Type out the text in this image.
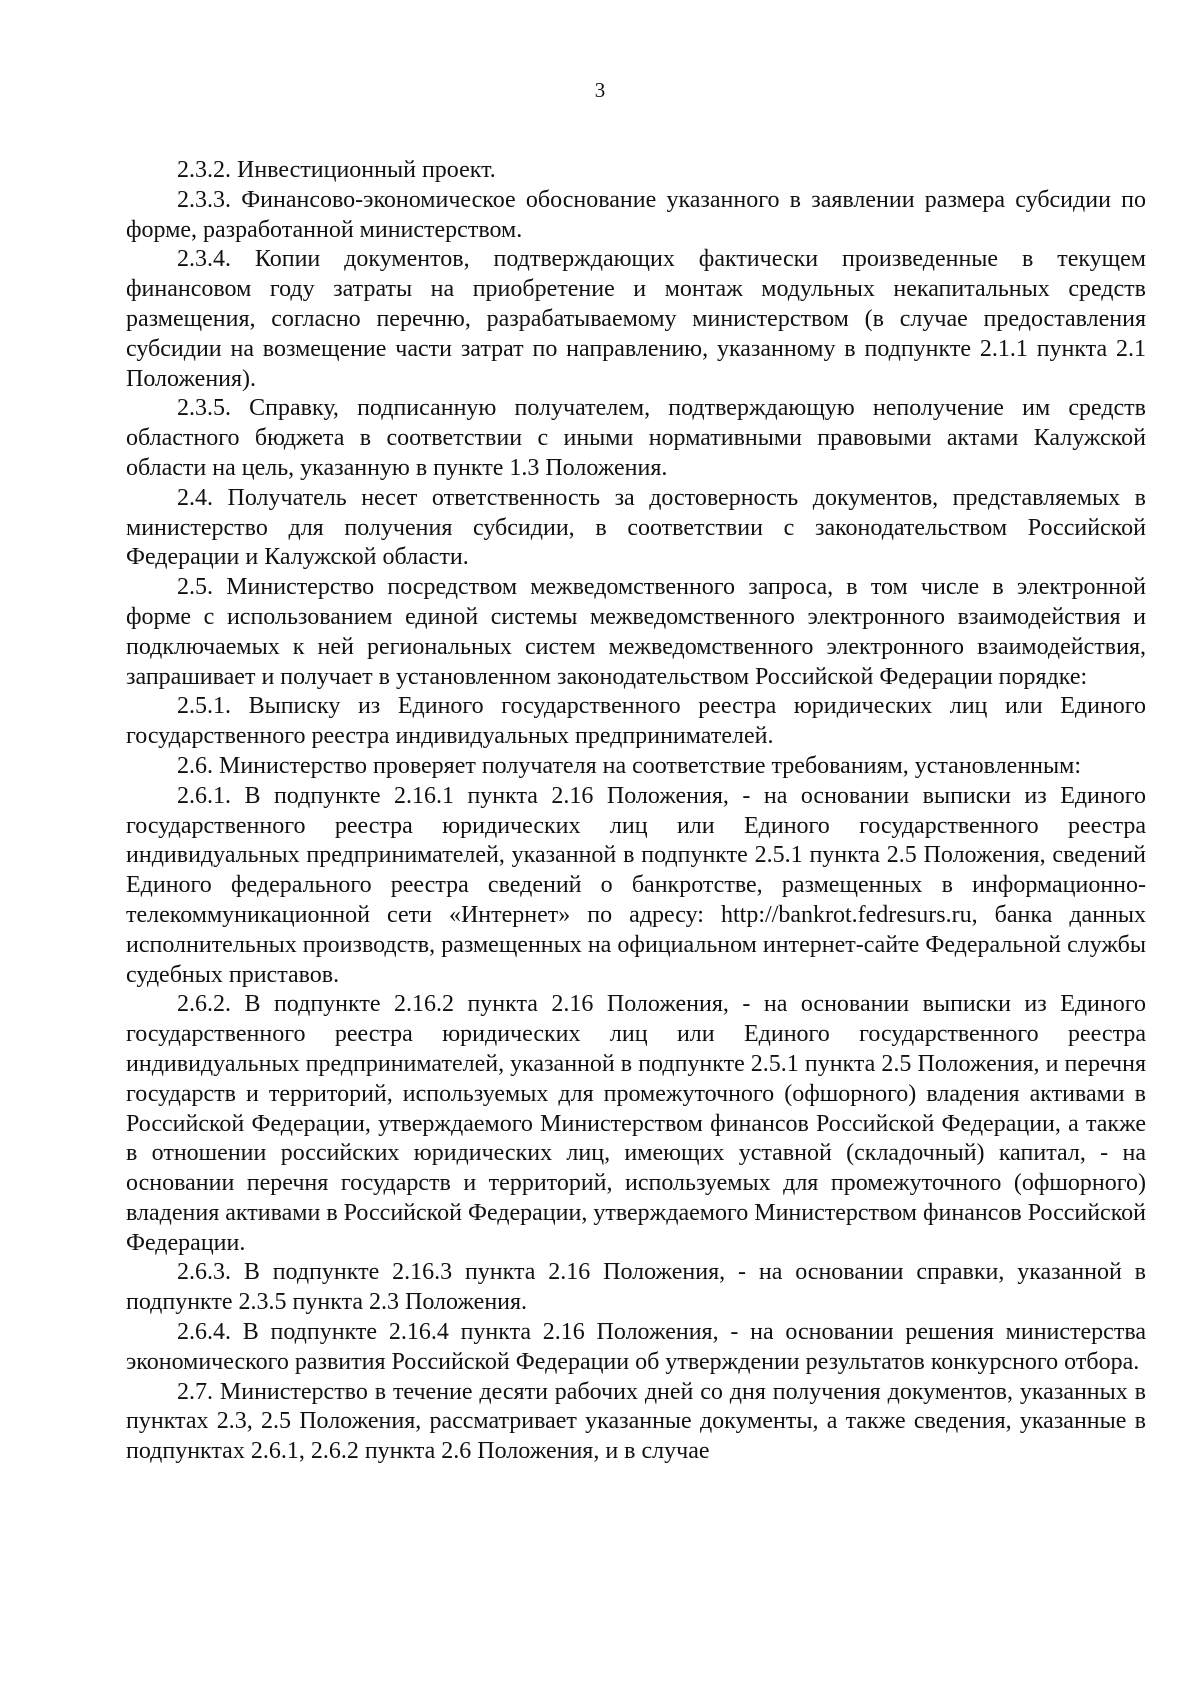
3

2.3.2. Инвестиционный проект.

2.3.3. Финансово-экономическое обоснование указанного в заявлении размера субсидии по форме, разработанной министерством.

2.3.4. Копии документов, подтверждающих фактически произведенные в текущем финансовом году затраты на приобретение и монтаж модульных некапитальных средств размещения, согласно перечню, разрабатываемому министерством (в случае предоставления субсидии на возмещение части затрат по направлению, указанному в подпункте 2.1.1 пункта 2.1 Положения).

2.3.5. Справку, подписанную получателем, подтверждающую неполучение им средств областного бюджета в соответствии с иными нормативными правовыми актами Калужской области на цель, указанную в пункте 1.3 Положения.

2.4. Получатель несет ответственность за достоверность документов, представляемых в министерство для получения субсидии, в соответствии с законодательством Российской Федерации и Калужской области.

2.5. Министерство посредством межведомственного запроса, в том числе в электронной форме с использованием единой системы межведомственного электронного взаимодействия и подключаемых к ней региональных систем межведомственного электронного взаимодействия, запрашивает и получает в установленном законодательством Российской Федерации порядке:

2.5.1. Выписку из Единого государственного реестра юридических лиц или Единого государственного реестра индивидуальных предпринимателей.

2.6. Министерство проверяет получателя на соответствие требованиям, установленным:

2.6.1. В подпункте 2.16.1 пункта 2.16 Положения, - на основании выписки из Единого государственного реестра юридических лиц или Единого государственного реестра индивидуальных предпринимателей, указанной в подпункте 2.5.1 пункта 2.5 Положения, сведений Единого федерального реестра сведений о банкротстве, размещенных в информационно-телекоммуникационной сети «Интернет» по адресу: http://bankrot.fedresurs.ru, банка данных исполнительных производств, размещенных на официальном интернет-сайте Федеральной службы судебных приставов.

2.6.2. В подпункте 2.16.2 пункта 2.16 Положения, - на основании выписки из Единого государственного реестра юридических лиц или Единого государственного реестра индивидуальных предпринимателей, указанной в подпункте 2.5.1 пункта 2.5 Положения, и перечня государств и территорий, используемых для промежуточного (офшорного) владения активами в Российской Федерации, утверждаемого Министерством финансов Российской Федерации, а также в отношении российских юридических лиц, имеющих уставной (складочный) капитал, - на основании перечня государств и территорий, используемых для промежуточного (офшорного) владения активами в Российской Федерации, утверждаемого Министерством финансов Российской Федерации.

2.6.3. В подпункте 2.16.3 пункта 2.16 Положения, - на основании справки, указанной в подпункте 2.3.5 пункта 2.3 Положения.

2.6.4. В подпункте 2.16.4 пункта 2.16 Положения, - на основании решения министерства экономического развития Российской Федерации об утверждении результатов конкурсного отбора.

2.7. Министерство в течение десяти рабочих дней со дня получения документов, указанных в пунктах 2.3, 2.5 Положения, рассматривает указанные документы, а также сведения, указанные в подпунктах 2.6.1, 2.6.2 пункта 2.6 Положения, и в случае
